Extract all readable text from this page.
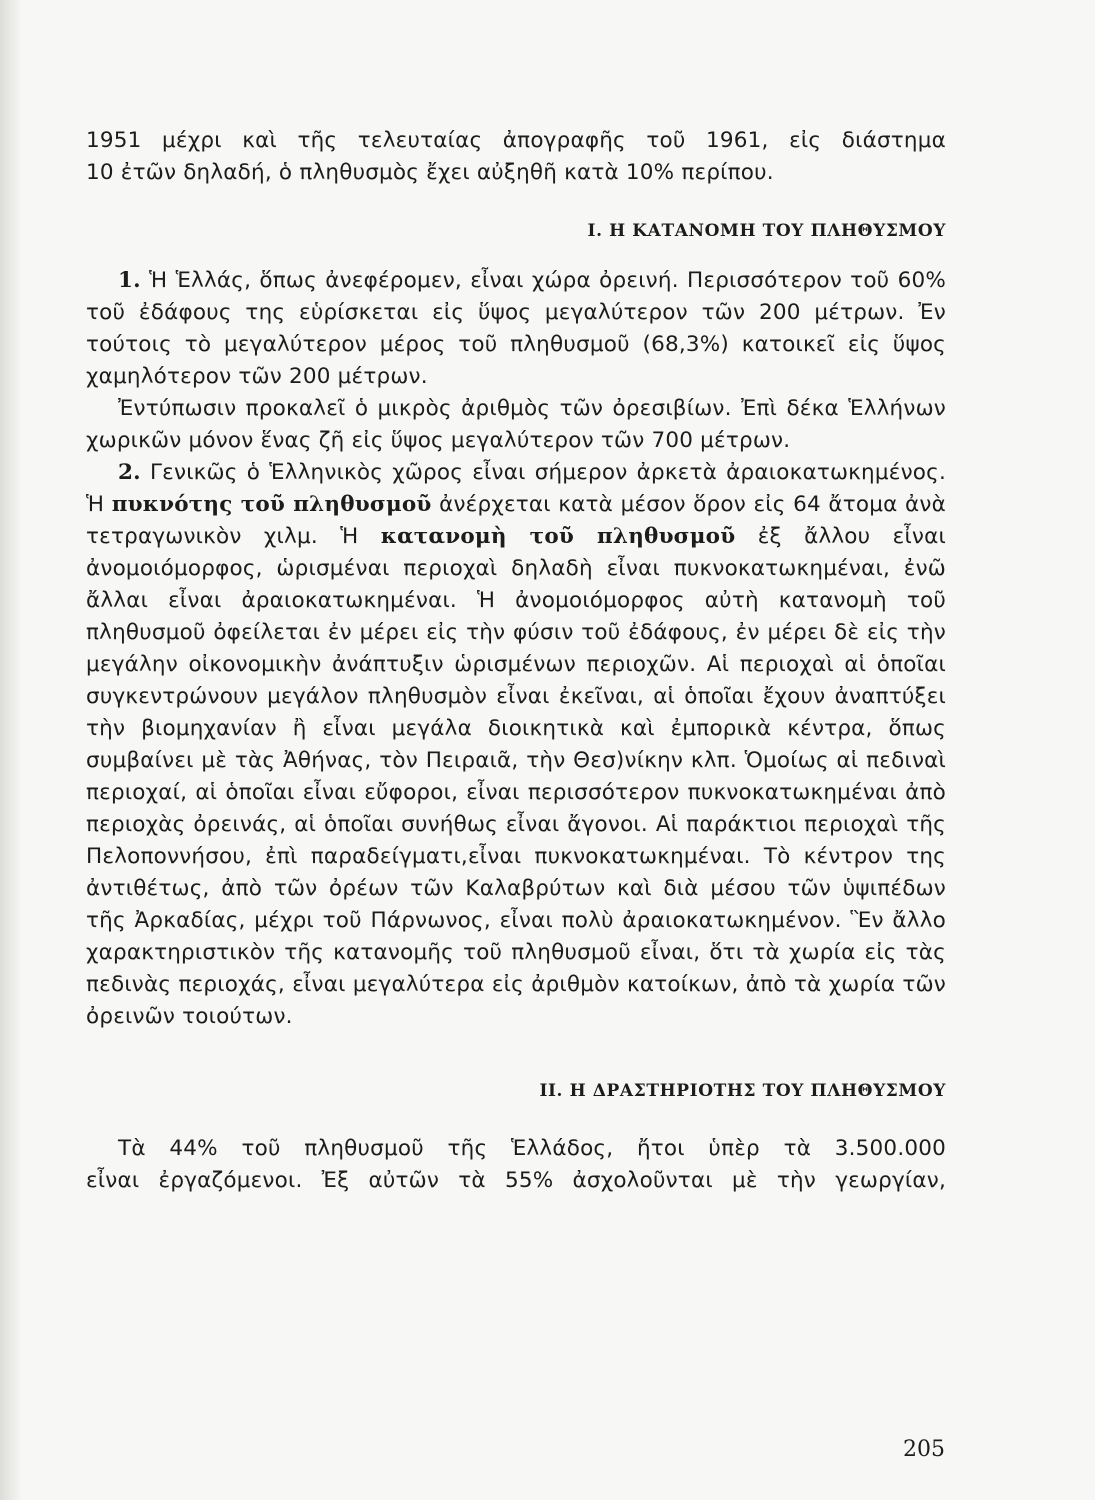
1951 μέχρι καὶ τῆς τελευταίας ἀπογραφῆς τοῦ 1961, εἰς διάστημα
10 ἐτῶν δηλαδή, ὁ πληθυσμὸς ἔχει αὐξηθῆ κατὰ 10% περίπου.

Ι. Η ΚΑΤΑΝΟΜΗ ΤΟΥ ΠΛΗΘΥΣΜΟΥ

1. Ἡ Ἑλλάς, ὅπως ἀνεφέρομεν, εἶναι χώρα ὀρεινή. Περισσότερον τοῦ 60% τοῦ ἐδάφους της εὑρίσκεται εἰς ὕψος μεγαλύτερον τῶν 200 μέτρων. Ἐν τούτοις τὸ μεγαλύτερον μέρος τοῦ πληθυσμοῦ (68,3%) κατοικεῖ εἰς ὕψος χαμηλότερον τῶν 200 μέτρων.

Ἐντύπωσιν προκαλεῖ ὁ μικρὸς ἀριθμὸς τῶν ὀρεσιβίων. Ἐπὶ δέκα Ἑλλήνων χωρικῶν μόνον ἕνας ζῆ εἰς ὕψος μεγαλύτερον τῶν 700 μέτρων.

2. Γενικῶς ὁ Ἑλληνικὸς χῶρος εἶναι σήμερον ἀρκετὰ ἀραιοκατωκημένος. Ἡ πυκνότης τοῦ πληθυσμοῦ ἀνέρχεται κατὰ μέσον ὅρον εἰς 64 ἄτομα ἀνὰ τετραγωνικὸν χιλμ. Ἡ κατανομὴ τοῦ πληθυσμοῦ ἐξ ἄλλου εἶναι ἀνομοιόμορφος, ὡρισμέναι περιοχαὶ δηλαδὴ εἶναι πυκνοκατωκημέναι, ἐνῶ ἄλλαι εἶναι ἀραιοκατωκημέναι. Ἡ ἀνομοιόμορφος αὐτὴ κατανομὴ τοῦ πληθυσμοῦ ὀφείλεται ἐν μέρει εἰς τὴν φύσιν τοῦ ἐδάφους, ἐν μέρει δὲ εἰς τὴν μεγάλην οἰκονομικὴν ἀνάπτυξιν ὡρισμένων περιοχῶν. Αἱ περιοχαὶ αἱ ὁποῖαι συγκεντρώνουν μεγάλον πληθυσμὸν εἶναι ἐκεῖναι, αἱ ὁποῖαι ἔχουν ἀναπτύξει τὴν βιομηχανίαν ἢ εἶναι μεγάλα διοικητικὰ καὶ ἐμπορικὰ κέντρα, ὅπως συμβαίνει μὲ τὰς Ἀθήνας, τὸν Πειραιᾶ, τὴν Θεσ)νίκην κλπ. Ὁμοίως αἱ πεδιναὶ περιοχαί, αἱ ὁποῖαι εἶναι εὔφοροι, εἶναι περισσότερον πυκνοκατωκημέναι ἀπὸ περιοχὰς ὀρεινάς, αἱ ὁποῖαι συνήθως εἶναι ἄγονοι. Αἱ παράκτιοι περιοχαὶ τῆς Πελοποννήσου, ἐπὶ παραδείγματι,εἶναι πυκνοκατωκημέναι. Τὸ κέντρον της ἀντιθέτως, ἀπὸ τῶν ὀρέων τῶν Καλαβρύτων καὶ διὰ μέσου τῶν ὑψιπέδων τῆς Ἀρκαδίας, μέχρι τοῦ Πάρνωνος, εἶναι πολὺ ἀραιοκατωκημένον. Ἓν ἄλλο χαρακτηριστικὸν τῆς κατανομῆς τοῦ πληθυσμοῦ εἶναι, ὅτι τὰ χωρία εἰς τὰς πεδινὰς περιοχάς, εἶναι μεγαλύτερα εἰς ἀριθμὸν κατοίκων, ἀπὸ τὰ χωρία τῶν ὀρεινῶν τοιούτων.

ΙΙ. Η ΔΡΑΣΤΗΡΙΟΤΗΣ ΤΟΥ ΠΛΗΘΥΣΜΟΥ

Τὰ 44% τοῦ πληθυσμοῦ τῆς Ἑλλάδος, ἤτοι ὑπὲρ τὰ 3.500.000

εἶναι ἐργαζόμενοι. Ἐξ αὐτῶν τὰ 55% ἀσχολοῦνται μὲ τὴν γεωργίαν,

205
